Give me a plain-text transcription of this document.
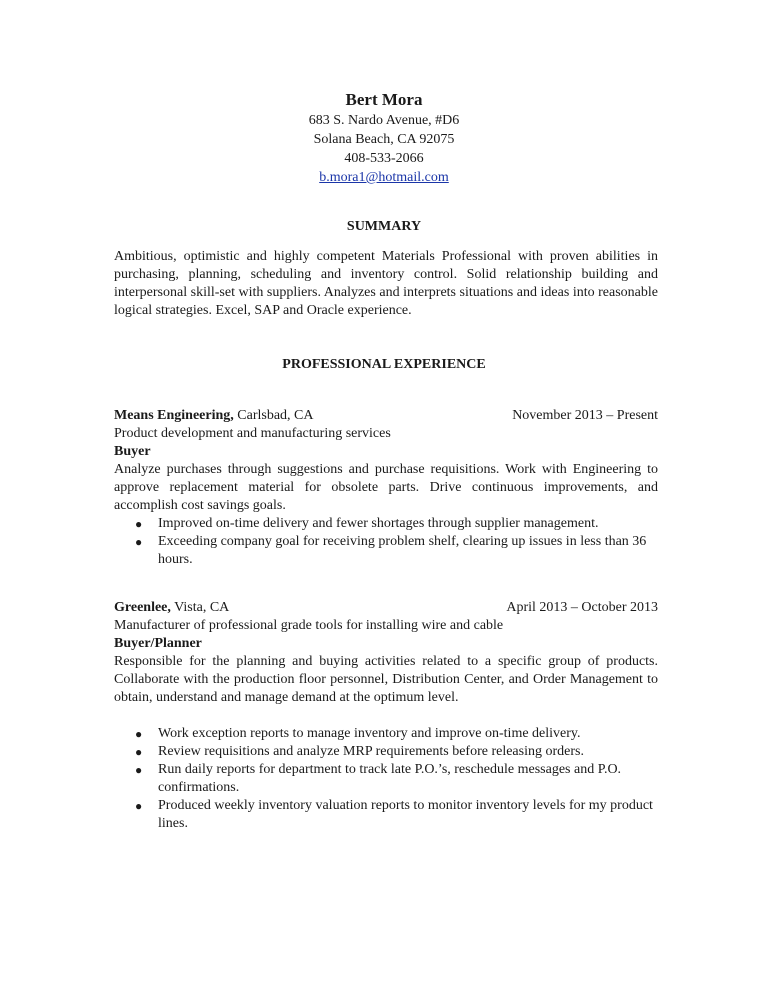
Bert Mora
683 S. Nardo Avenue, #D6
Solana Beach, CA 92075
408-533-2066
b.mora1@hotmail.com
SUMMARY
Ambitious, optimistic and highly competent Materials Professional with proven abilities in purchasing, planning, scheduling and inventory control. Solid relationship building and interpersonal skill-set with suppliers. Analyzes and interprets situations and ideas into reasonable logical strategies. Excel, SAP and Oracle experience.
PROFESSIONAL EXPERIENCE
Means Engineering, Carlsbad, CA	November 2013 – Present
Product development and manufacturing services
Buyer
Analyze purchases through suggestions and purchase requisitions. Work with Engineering to approve replacement material for obsolete parts. Drive continuous improvements, and accomplish cost savings goals.
● Improved on-time delivery and fewer shortages through supplier management.
● Exceeding company goal for receiving problem shelf, clearing up issues in less than 36 hours.
Greenlee, Vista, CA	April 2013 – October 2013
Manufacturer of professional grade tools for installing wire and cable
Buyer/Planner
Responsible for the planning and buying activities related to a specific group of products. Collaborate with the production floor personnel, Distribution Center, and Order Management to obtain, understand and manage demand at the optimum level.
● Work exception reports to manage inventory and improve on-time delivery.
● Review requisitions and analyze MRP requirements before releasing orders.
● Run daily reports for department to track late P.O.’s, reschedule messages and P.O. confirmations.
● Produced weekly inventory valuation reports to monitor inventory levels for my product lines.
